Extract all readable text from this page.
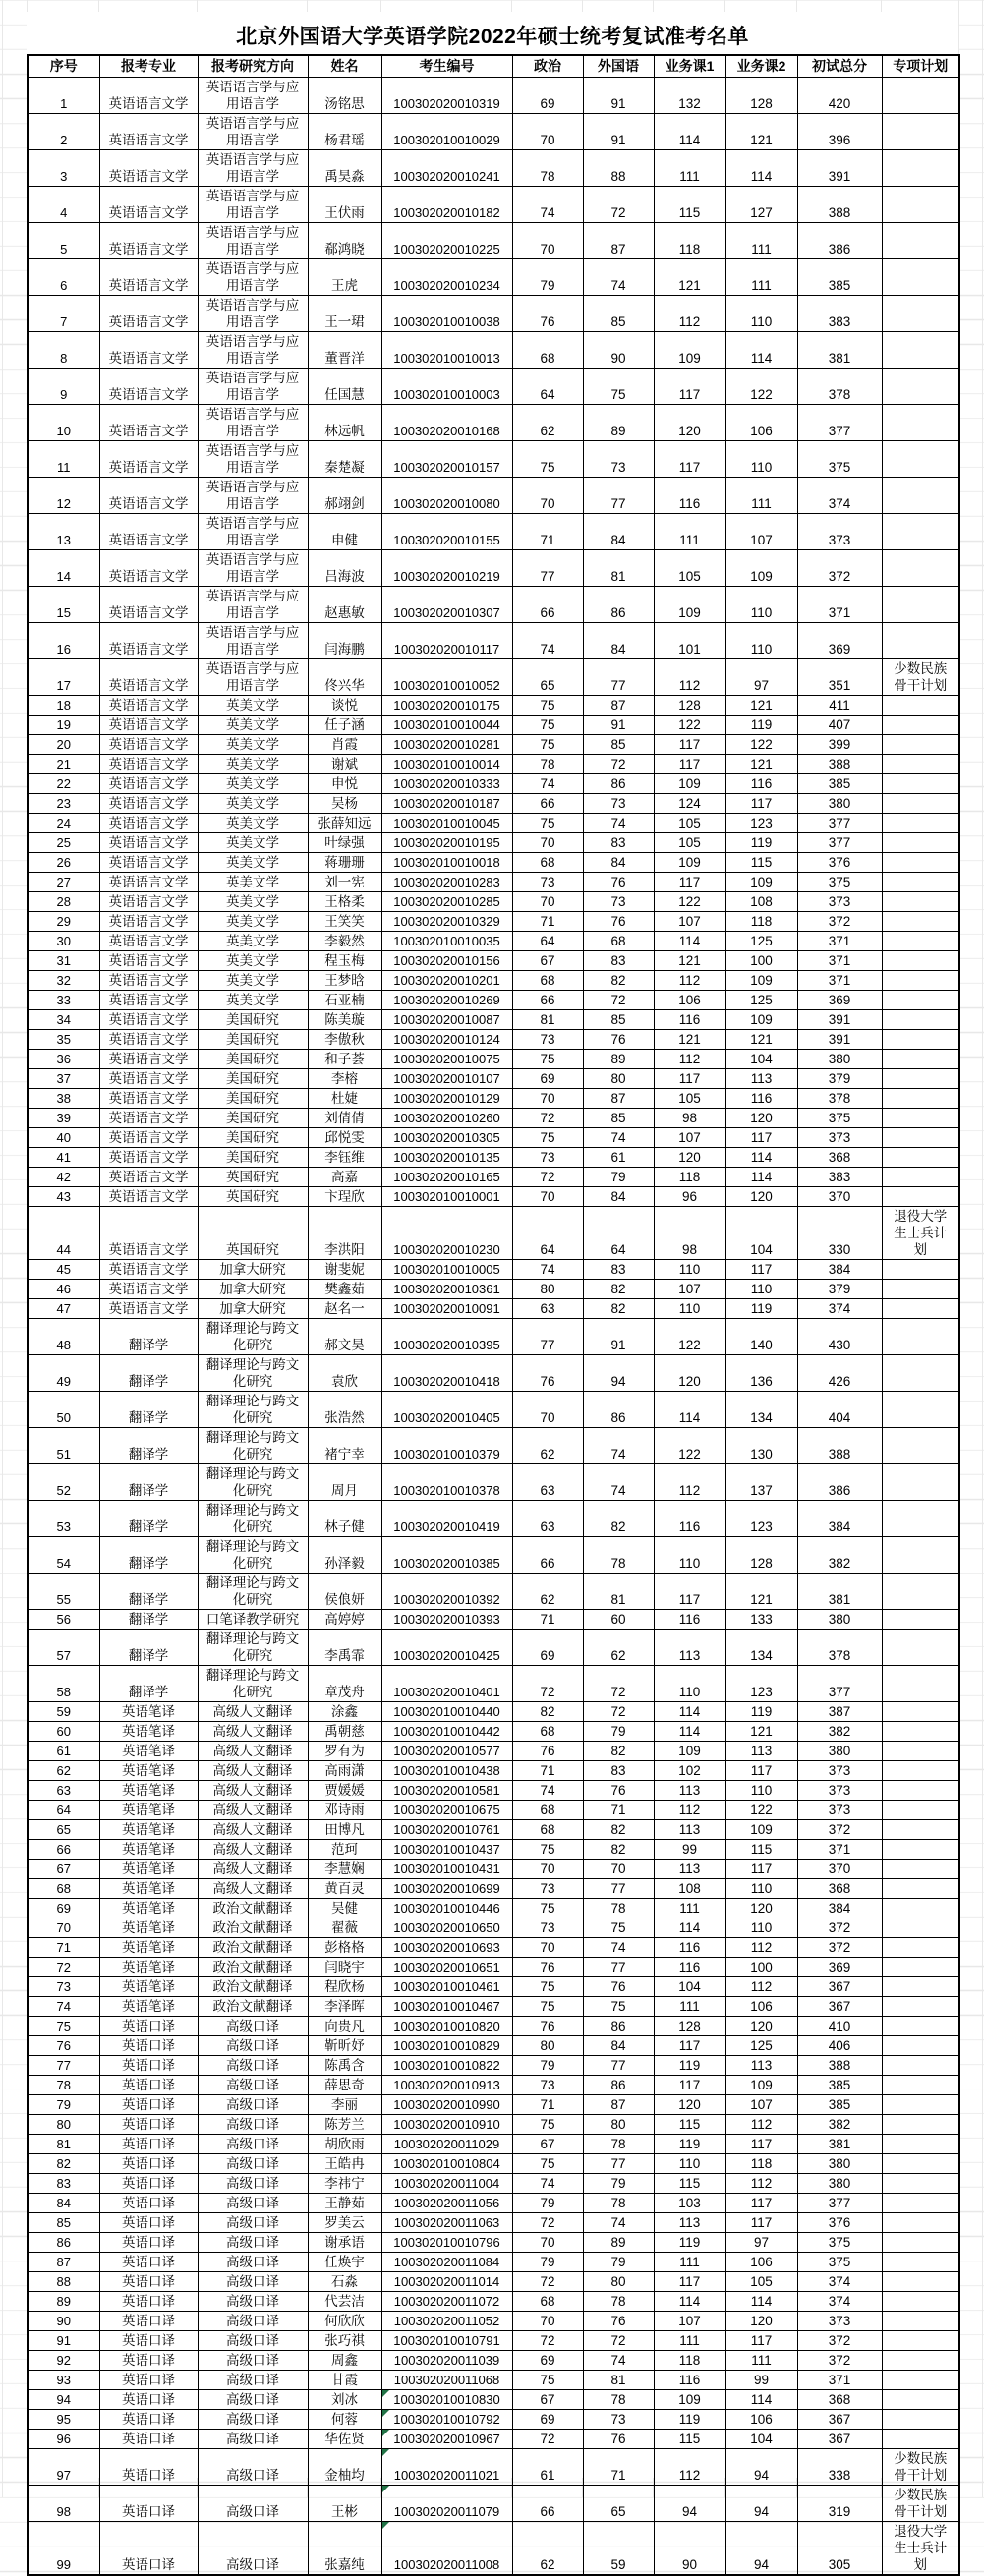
北京外国语大学英语学院2022年硕士统考复试准考名单
序号	报考专业	报考研究方向	姓名	考生编号	政治	外国语	业务课1	业务课2	初试总分	专项计划
1	英语语言文学	英语语言学与应用语言学	汤铭思	100302020010319	69	91	132	128	420	
2	英语语言文学	英语语言学与应用语言学	杨君瑶	100302010010029	70	91	114	121	396	
3	英语语言文学	英语语言学与应用语言学	禹昊淼	100302020010241	78	88	111	114	391	
4	英语语言文学	英语语言学与应用语言学	王伏雨	100302020010182	74	72	115	127	388	
5	英语语言文学	英语语言学与应用语言学	郗鸿晓	100302020010225	70	87	118	111	386	
6	英语语言文学	英语语言学与应用语言学	王虎	100302020010234	79	74	121	111	385	
7	英语语言文学	英语语言学与应用语言学	王一珺	100302010010038	76	85	112	110	383	
8	英语语言文学	英语语言学与应用语言学	董晋洋	100302010010013	68	90	109	114	381	
9	英语语言文学	英语语言学与应用语言学	任国慧	100302010010003	64	75	117	122	378	
10	英语语言文学	英语语言学与应用语言学	林远帆	100302020010168	62	89	120	106	377	
11	英语语言文学	英语语言学与应用语言学	秦楚凝	100302020010157	75	73	117	110	375	
12	英语语言文学	英语语言学与应用语言学	郝翊剑	100302020010080	70	77	116	111	374	
13	英语语言文学	英语语言学与应用语言学	申健	100302020010155	71	84	111	107	373	
14	英语语言文学	英语语言学与应用语言学	吕海波	100302020010219	77	81	105	109	372	
15	英语语言文学	英语语言学与应用语言学	赵惠敏	100302020010307	66	86	109	110	371	
16	英语语言文学	英语语言学与应用语言学	闫海鹏	100302020010117	74	84	101	110	369	
17	英语语言文学	英语语言学与应用语言学	佟兴华	100302010010052	65	77	112	97	351	少数民族骨干计划
18	英语语言文学	英美文学	谈悦	100302020010175	75	87	128	121	411	
19	英语语言文学	英美文学	任子涵	100302010010044	75	91	122	119	407	
20	英语语言文学	英美文学	肖霞	100302020010281	75	85	117	122	399	
21	英语语言文学	英美文学	谢斌	100302010010014	78	72	117	121	388	
22	英语语言文学	英美文学	申悦	100302020010333	74	86	109	116	385	
23	英语语言文学	英美文学	吴杨	100302020010187	66	73	124	117	380	
24	英语语言文学	英美文学	张薛知远	100302010010045	75	74	105	123	377	
25	英语语言文学	英美文学	叶绿强	100302020010195	70	83	105	119	377	
26	英语语言文学	英美文学	蒋珊珊	100302010010018	68	84	109	115	376	
27	英语语言文学	英美文学	刘一宪	100302020010283	73	76	117	109	375	
28	英语语言文学	英美文学	王格柔	100302020010285	70	73	122	108	373	
29	英语语言文学	英美文学	王笑笑	100302020010329	71	76	107	118	372	
30	英语语言文学	英美文学	李毅然	100302010010035	64	68	114	125	371	
31	英语语言文学	英美文学	程玉梅	100302020010156	67	83	121	100	371	
32	英语语言文学	英美文学	王梦晗	100302020010201	68	82	112	109	371	
33	英语语言文学	英美文学	石亚楠	100302020010269	66	72	106	125	369	
34	英语语言文学	美国研究	陈美璇	100302020010087	81	85	116	109	391	
35	英语语言文学	美国研究	李傲秋	100302020010124	73	76	121	121	391	
36	英语语言文学	美国研究	和子荟	100302020010075	75	89	112	104	380	
37	英语语言文学	美国研究	李榕	100302020010107	69	80	117	113	379	
38	英语语言文学	美国研究	杜婕	100302020010129	70	87	105	116	378	
39	英语语言文学	美国研究	刘倩倩	100302020010260	72	85	98	120	375	
40	英语语言文学	美国研究	邱悦雯	100302020010305	75	74	107	117	373	
41	英语语言文学	美国研究	李钰维	100302020010135	73	61	120	114	368	
42	英语语言文学	英国研究	高嘉	100302020010165	72	79	118	114	383	
43	英语语言文学	英国研究	卞珵欣	100302010010001	70	84	96	120	370	
44	英语语言文学	英国研究	李洪阳	100302020010230	64	64	98	104	330	退役大学生士兵计划
45	英语语言文学	加拿大研究	谢斐妮	100302010010005	74	83	110	117	384	
46	英语语言文学	加拿大研究	樊鑫茹	100302020010361	80	82	107	110	379	
47	英语语言文学	加拿大研究	赵名一	100302020010091	63	82	110	119	374	
48	翻译学	翻译理论与跨文化研究	郝文昊	100302020010395	77	91	122	140	430	
49	翻译学	翻译理论与跨文化研究	袁欣	100302020010418	76	94	120	136	426	
50	翻译学	翻译理论与跨文化研究	张浩然	100302020010405	70	86	114	134	404	
51	翻译学	翻译理论与跨文化研究	褚宁幸	100302010010379	62	74	122	130	388	
52	翻译学	翻译理论与跨文化研究	周月	100302010010378	63	74	112	137	386	
53	翻译学	翻译理论与跨文化研究	林子健	100302020010419	63	82	116	123	384	
54	翻译学	翻译理论与跨文化研究	孙泽毅	100302020010385	66	78	110	128	382	
55	翻译学	翻译理论与跨文化研究	侯俍妍	100302020010392	62	81	117	121	381	
56	翻译学	口笔译教学研究	高婷婷	100302020010393	71	60	116	133	380	
57	翻译学	翻译理论与跨文化研究	李禹霏	100302020010425	69	62	113	134	378	
58	翻译学	翻译理论与跨文化研究	章茂舟	100302020010401	72	72	110	123	377	
59	英语笔译	高级人文翻译	涂鑫	100302010010440	82	72	114	119	387	
60	英语笔译	高级人文翻译	禹朝慈	100302010010442	68	79	114	121	382	
61	英语笔译	高级人文翻译	罗有为	100302020010577	76	82	109	113	380	
62	英语笔译	高级人文翻译	高雨潇	100302010010438	71	83	102	117	373	
63	英语笔译	高级人文翻译	贾媛媛	100302020010581	74	76	113	110	373	
64	英语笔译	高级人文翻译	邓诗雨	100302020010675	68	71	112	122	373	
65	英语笔译	高级人文翻译	田博凡	100302020010761	68	82	113	109	372	
66	英语笔译	高级人文翻译	范珂	100302010010437	75	82	99	115	371	
67	英语笔译	高级人文翻译	李慧娴	100302010010431	70	70	113	117	370	
68	英语笔译	高级人文翻译	黄百灵	100302020010699	73	77	108	110	368	
69	英语笔译	政治文献翻译	吴健	100302010010446	75	78	111	120	384	
70	英语笔译	政治文献翻译	翟薇	100302020010650	73	75	114	110	372	
71	英语笔译	政治文献翻译	彭格格	100302020010693	70	74	116	112	372	
72	英语笔译	政治文献翻译	闫晓宇	100302020010651	76	77	116	100	369	
73	英语笔译	政治文献翻译	程欣杨	100302010010461	75	76	104	112	367	
74	英语笔译	政治文献翻译	李泽晖	100302010010467	75	75	111	106	367	
75	英语口译	高级口译	向贵凡	100302010010820	76	86	128	120	410	
76	英语口译	高级口译	靳昕妤	100302010010829	80	84	117	125	406	
77	英语口译	高级口译	陈禹含	100302010010822	79	77	119	113	388	
78	英语口译	高级口译	薛思奇	100302020010913	73	86	117	109	385	
79	英语口译	高级口译	李丽	100302020010990	71	87	120	107	385	
80	英语口译	高级口译	陈芳兰	100302020010910	75	80	115	112	382	
81	英语口译	高级口译	胡欣雨	100302020011029	67	78	119	117	381	
82	英语口译	高级口译	王皓冉	100302010010804	75	77	110	118	380	
83	英语口译	高级口译	李祎宁	100302020011004	74	79	115	112	380	
84	英语口译	高级口译	王静茹	100302020011056	79	78	103	117	377	
85	英语口译	高级口译	罗美云	100302020011063	72	74	113	117	376	
86	英语口译	高级口译	谢承语	100302010010796	70	89	119	97	375	
87	英语口译	高级口译	任焕宇	100302020011084	79	79	111	106	375	
88	英语口译	高级口译	石淼	100302020011014	72	80	117	105	374	
89	英语口译	高级口译	代芸洁	100302020011072	68	78	114	114	374	
90	英语口译	高级口译	何欣欣	100302020011052	70	76	107	120	373	
91	英语口译	高级口译	张巧祺	100302010010791	72	72	111	117	372	
92	英语口译	高级口译	周鑫	100302020011039	69	74	118	111	372	
93	英语口译	高级口译	甘霞	100302020011068	75	81	116	99	371	
94	英语口译	高级口译	刘冰	100302010010830	67	78	109	114	368	
95	英语口译	高级口译	何蓉	100302010010792	69	73	119	106	367	
96	英语口译	高级口译	华佐贤	100302020010967	72	76	115	104	367	
97	英语口译	高级口译	金柚均	100302020011021	61	71	112	94	338	少数民族骨干计划
98	英语口译	高级口译	王彬	100302020011079	66	65	94	94	319	少数民族骨干计划
99	英语口译	高级口译	张嘉纯	100302020011008	62	59	90	94	305	退役大学生士兵计划
